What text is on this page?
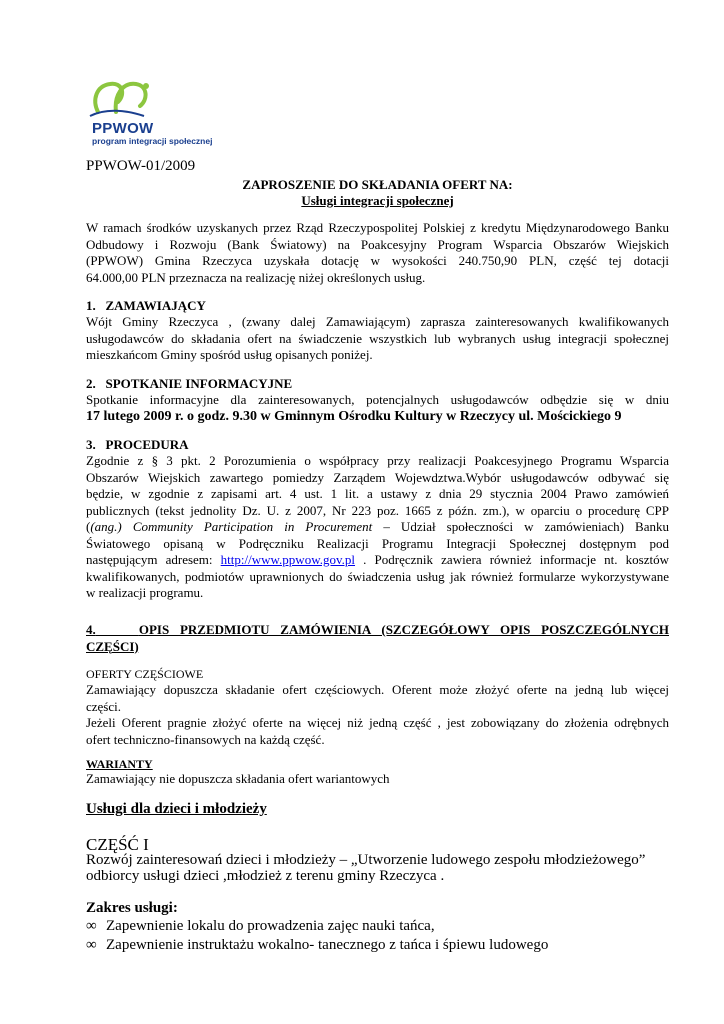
PPWOW
program integracji społecznej
PPWOW-01/2009
ZAPROSZENIE DO SKŁADANIA OFERT NA:
Usługi integracji społecznej
W ramach środków uzyskanych przez Rząd Rzeczypospolitej Polskiej z kredytu Międzynarodowego Banku
Odbudowy i Rozwoju (Bank Światowy) na Poakcesyjny Program Wsparcia Obszarów Wiejskich
(PPWOW) Gmina Rzeczyca uzyskała dotację w wysokości 240.750,90 PLN, część tej dotacji
64.000,00 PLN przeznacza na realizację niżej określonych usług.
1.   ZAMAWIAJĄCY
Wójt Gminy Rzeczyca , (zwany dalej Zamawiającym) zaprasza zainteresowanych kwalifikowanych
usługodawców do składania ofert na świadczenie wszystkich lub wybranych usług integracji społecznej
mieszkańcom Gminy spośród usług opisanych poniżej.
2.   SPOTKANIE INFORMACYJNE
Spotkanie informacyjne dla zainteresowanych, potencjalnych usługodawców odbędzie się w dniu
17 lutego 2009 r. o godz. 9.30 w Gminnym Ośrodku Kultury w Rzeczycy ul. Mościckiego 9
3.   PROCEDURA
Zgodnie z § 3 pkt. 2 Porozumienia o współpracy przy realizacji Poakcesyjnego Programu Wsparcia
Obszarów Wiejskich zawartego pomiedzy Zarządem Wojewdztwa.Wybór usługodawców odbywać się
będzie, w zgodnie z zapisami art. 4 ust. 1 lit. a ustawy z dnia 29 stycznia 2004 Prawo zamówień
publicznych (tekst jednolity Dz. U. z 2007, Nr 223 poz. 1665 z późn. zm.), w oparciu o procedurę CPP
((ang.) Community Participation in Procurement – Udział społeczności w zamówieniach) Banku
Światowego opisaną w Podręczniku Realizacji Programu Integracji Społecznej dostępnym pod
następującym adresem: http://www.ppwow.gov.pl . Podręcznik zawiera również informacje nt. kosztów
kwalifikowanych, podmiotów uprawnionych do świadczenia usług jak również formularze wykorzystywane
w realizacji programu.
4.	OPIS PRZEDMIOTU ZAMÓWIENIA (SZCZEGÓŁOWY OPIS POSZCZEGÓLNYCH
CZĘŚCI)
OFERTY CZĘŚCIOWE
Zamawiający dopuszcza składanie ofert częściowych. Oferent może złożyć oferte na jedną lub więcej
części.
Jeżeli Oferent pragnie złożyć oferte na więcej niż jedną część , jest zobowiązany do złożenia odrębnych
ofert techniczno-finansowych na każdą część.
WARIANTY
Zamawiający nie dopuszcza składania ofert wariantowych
Usługi dla dzieci i młodzieży
CZĘŚĆ I
Rozwój zainteresowań dzieci i młodzieży – „Utworzenie ludowego zespołu młodzieżowego”
odbiorcy usługi dzieci ,młodzież z terenu gminy Rzeczyca .
Zakres usługi:
∞ Zapewnienie lokalu do prowadzenia zajęc nauki tańca,
∞ Zapewnienie instruktażu wokalno- tanecznego z tańca i śpiewu ludowego
